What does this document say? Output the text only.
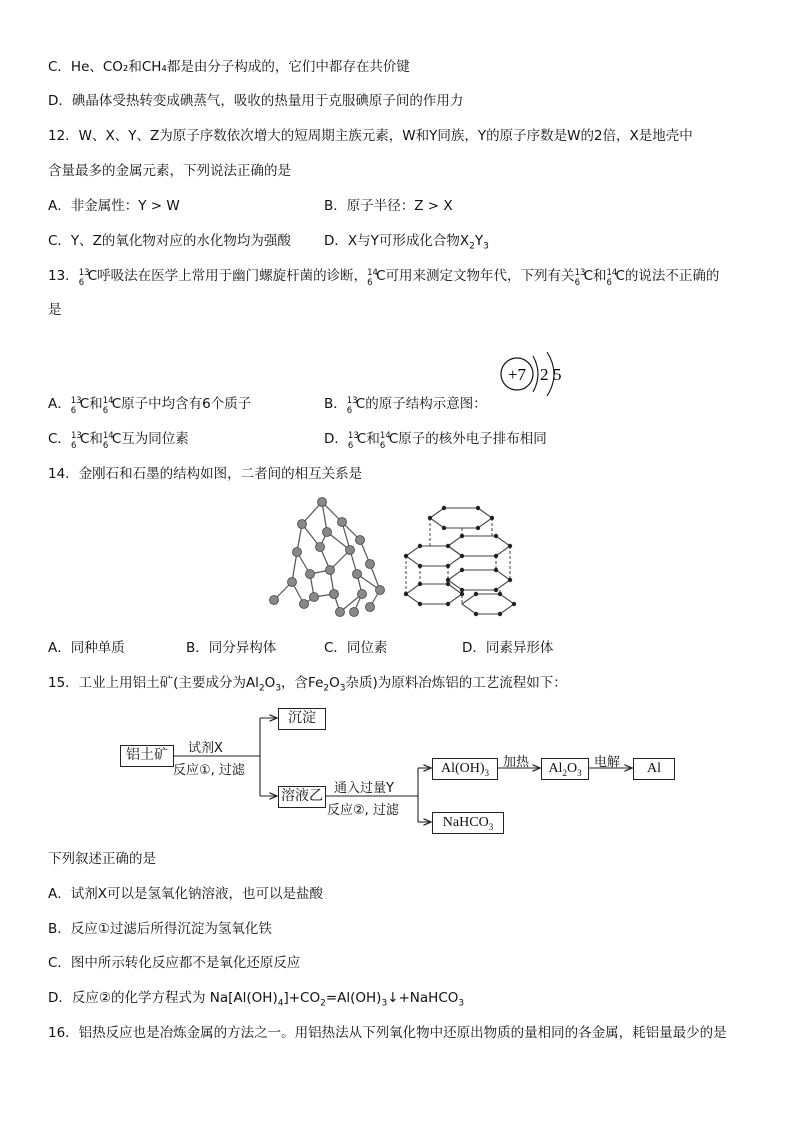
C．He、CO₂和CH₄都是由分子构成的，它们中都存在共价键
D．碘晶体受热转变成碘蒸气，吸收的热量用于克服碘原子间的作用力
12．W、X、Y、Z为原子序数依次增大的短周期主族元素，W和Y同族，Y的原子序数是W的2倍，X是地壳中
含量最多的金属元素，下列说法正确的是
A．非金属性：Y > W	B．原子半径：Z > X
C．Y、Z的氧化物对应的水化物均为强酸 D．X与Y可形成化合物$X_2Y_3$
13． 13
6 C呼吸法在医学上常用于幽门螺旋杆菌的诊断， 14
6 C可用来测定文物年代，下列有关 13
6 C和 14
6 C的说法不正确的
是
+7 2 5
A． 13
6 C和 14
6 C原子中均含有6个质子	B． 13
6 C的原子结构示意图：
C． 13
6 C和 14
6 C互为同位素	D． 13
6 C和 14
6 C原子的核外电子排布相同
14．金刚石和石墨的结构如图，二者间的相互关系是
A．同种单质	B．同分异构体	C．同位素	D．同素异形体
15．工业上用铝土矿(主要成分为$Al_2O_3$，含$Fe_2O_3$杂质)为原料冶炼铝的工艺流程如下：
铝土矿	试剂X
反应①, 过滤
沉淀
溶液乙
通入过量Y
反应②, 过滤
$Al(OH)_3$
加热	$Al_2O_3$
电解	Al
NaHCO$_3$
下列叙述正确的是
A．试剂X可以是氢氧化钠溶液，也可以是盐酸
B．反应①过滤后所得沉淀为氢氧化铁
C．图中所示转化反应都不是氧化还原反应
D．反应②的化学方程式为 $Na[Al(OH)_4]+CO_2=Al(OH)_3↓+NaHCO_3$
16．铝热反应也是冶炼金属的方法之一。用铝热法从下列氧化物中还原出物质的量相同的各金属，耗铝量最少的是
